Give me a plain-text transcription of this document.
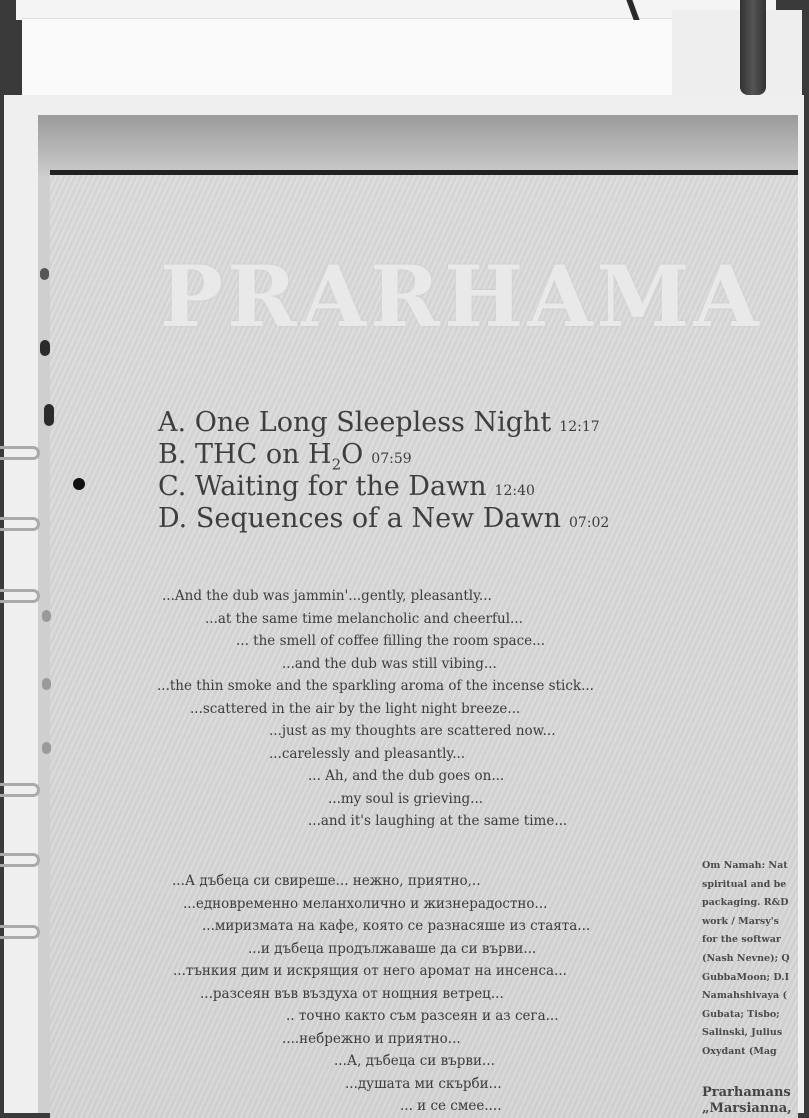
PRARHAMA
A. One Long Sleepless Night 12:17
B. THC on $H_2O$ 07:59
C. Waiting for the Dawn 12:40
D. Sequences of a New Dawn 07:02
...And the dub was jammin'...gently, pleasantly...
...at the same time melancholic and cheerful...
... the smell of coffee filling the room space...
...and the dub was still vibing...
...the thin smoke and the sparkling aroma of the incense stick...
...scattered in the air by the light night breeze...
...just as my thoughts are scattered now...
...carelessly and pleasantly...
... Ah, and the dub goes on...
...my soul is grieving...
...and it's laughing at the same time...
...А дъбеца си свиреше... нежно, приятно,..
...едновременно меланхолично и жизнерадостно...
...миризмата на кафе, която се разнасяше из стаята...
...и дъбеца продължаваше да си върви...
...тънкия дим и искрящия от него аромат на инсенса...
...разсеян във въздуха от нощния ветрец...
.. точно както съм разсеян и аз сега...
....небрежно и приятно...
...А, дъбеца си върви...
...душата ми скърби...
... и се смее....
Om Namah: Nat
spiritual and be
packaging. R&D
work / Marsy's
for the softwar
(Nash Nevne); Q
GubbaMoon; D.I
Namahshivaya (
Gubata; Tisbo;
Salinski, Julius
Oxydant (Mag
Prarhamans
„Marsianna,
